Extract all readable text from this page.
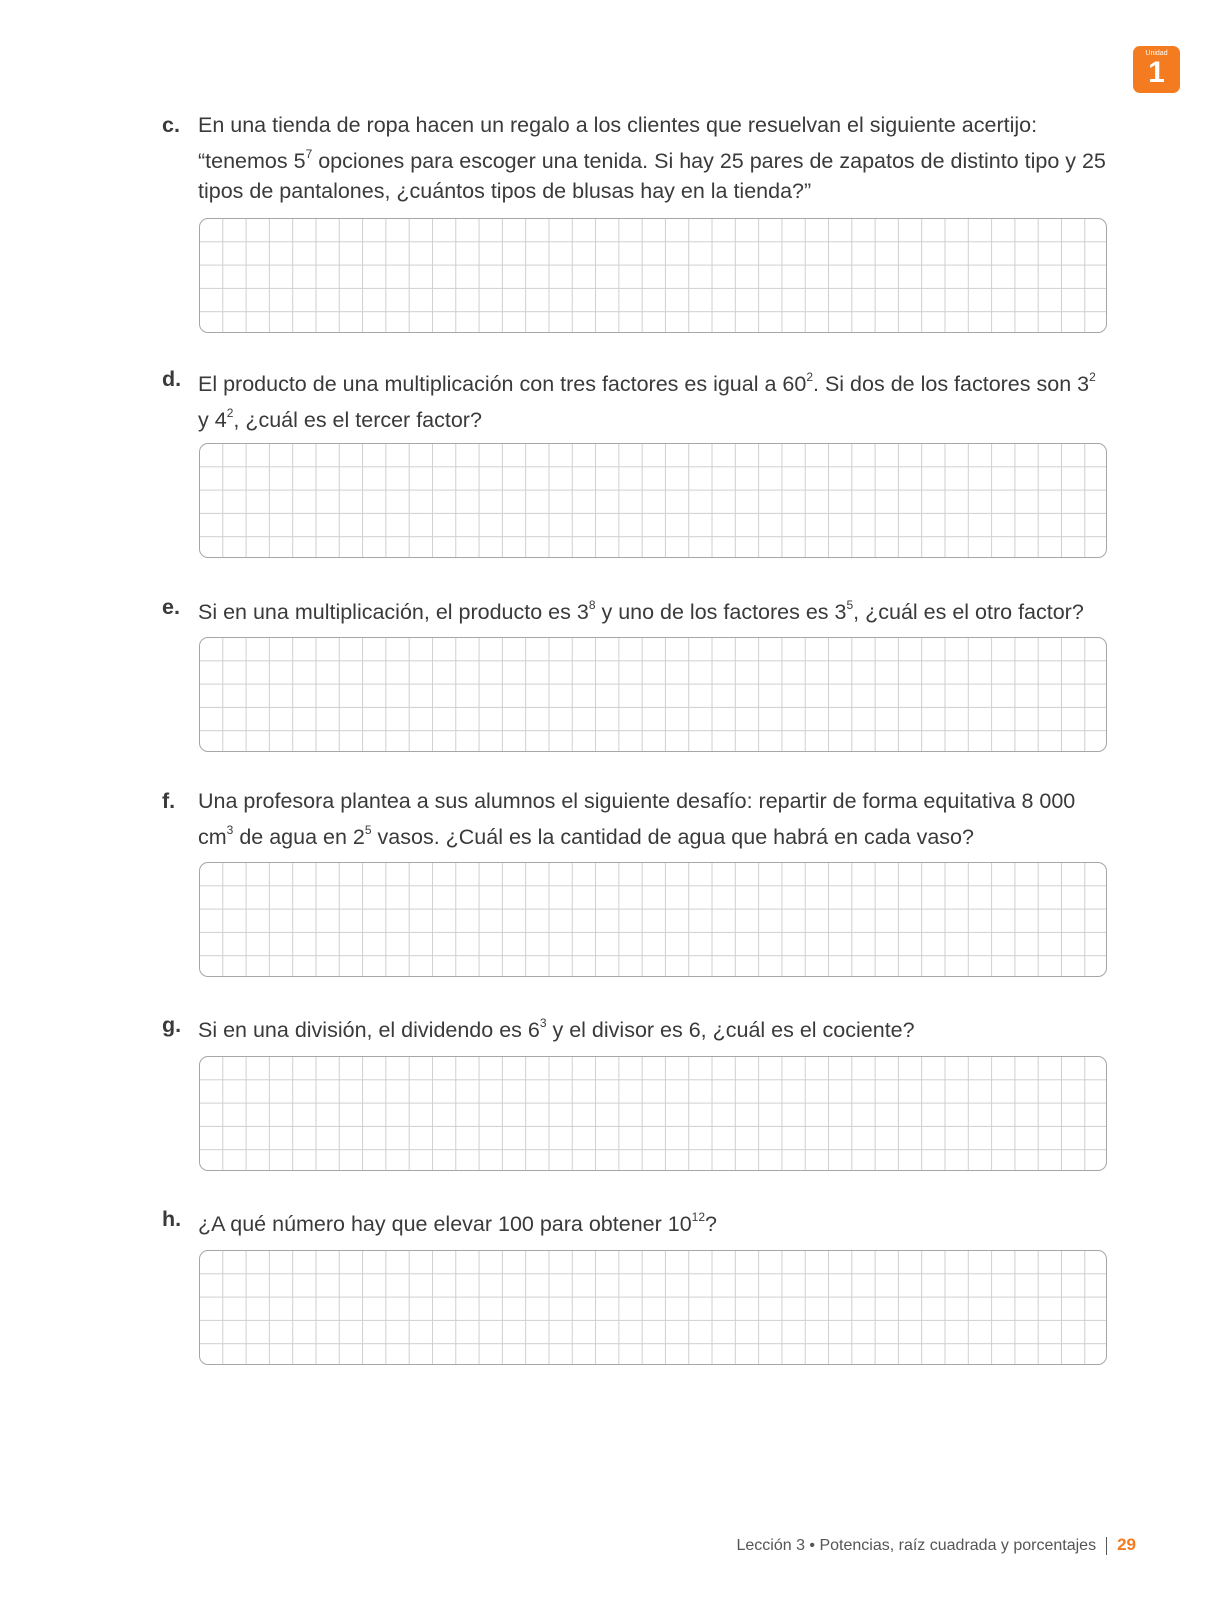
Unidad
1
c. En una tienda de ropa hacen un regalo a los clientes que resuelvan el siguiente acertijo: “tenemos $5^7$ opciones para escoger una tenida. Si hay 25 pares de zapatos de distinto tipo y 25 tipos de pantalones, ¿cuántos tipos de blusas hay en la tienda?”
d. El producto de una multiplicación con tres factores es igual a $60^2$. Si dos de los factores son $3^2$ y $4^2$, ¿cuál es el tercer factor?
e. Si en una multiplicación, el producto es $3^8$ y uno de los factores es $3^5$, ¿cuál es el otro factor?
f. Una profesora plantea a sus alumnos el siguiente desafío: repartir de forma equitativa 8 000 $cm^3$ de agua en $2^5$ vasos. ¿Cuál es la cantidad de agua que habrá en cada vaso?
g. Si en una división, el dividendo es $6^3$ y el divisor es 6, ¿cuál es el cociente?
h. ¿A qué número hay que elevar 100 para obtener $10^{12}$?
Lección 3 • Potencias, raíz cuadrada y porcentajes 29
